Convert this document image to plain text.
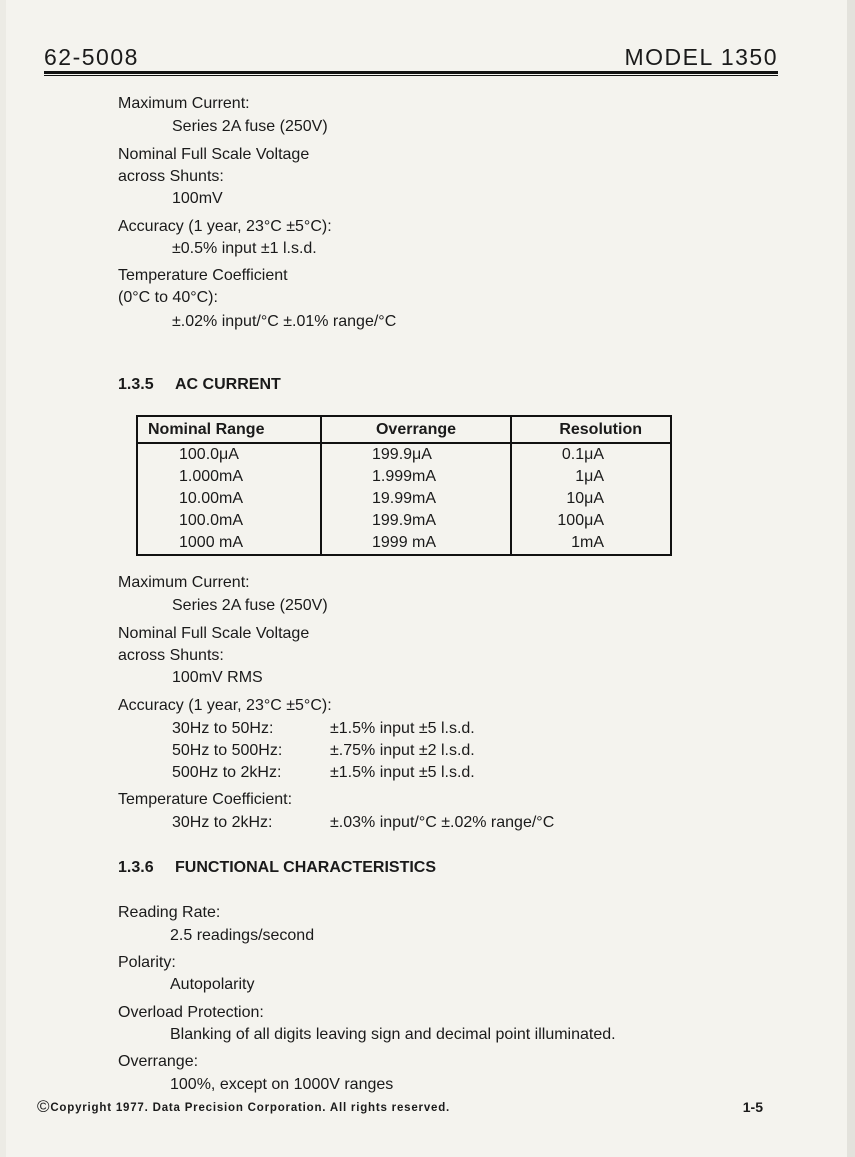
62-5008	MODEL 1350
Maximum Current:
Series 2A fuse (250V)
Nominal Full Scale Voltage
across Shunts:
100mV
Accuracy (1 year, 23°C ±5°C):
±0.5% input ±1 l.s.d.
Temperature Coefficient
(0°C to 40°C):
±.02% input/°C ±.01% range/°C
1.3.5 AC CURRENT
Nominal Range	Overrange	Resolution
100.0μA	199.9μA	0.1μA
1.000mA	1.999mA	1μA
10.00mA	19.99mA	10μA
100.0mA	199.9mA	100μA
1000 mA	1999 mA	1mA
Maximum Current:
Series 2A fuse (250V)
Nominal Full Scale Voltage
across Shunts:
100mV RMS
Accuracy (1 year, 23°C ±5°C):
30Hz to 50Hz:	±1.5% input ±5 l.s.d.
50Hz to 500Hz:	±.75% input ±2 l.s.d.
500Hz to 2kHz:	±1.5% input ±5 l.s.d.
Temperature Coefficient:
30Hz to 2kHz:	±.03% input/°C ±.02% range/°C
1.3.6 FUNCTIONAL CHARACTERISTICS
Reading Rate:
2.5 readings/second
Polarity:
Autopolarity
Overload Protection:
Blanking of all digits leaving sign and decimal point illuminated.
Overrange:
100%, except on 1000V ranges
©Copyright 1977. Data Precision Corporation. All rights reserved.	1-5
